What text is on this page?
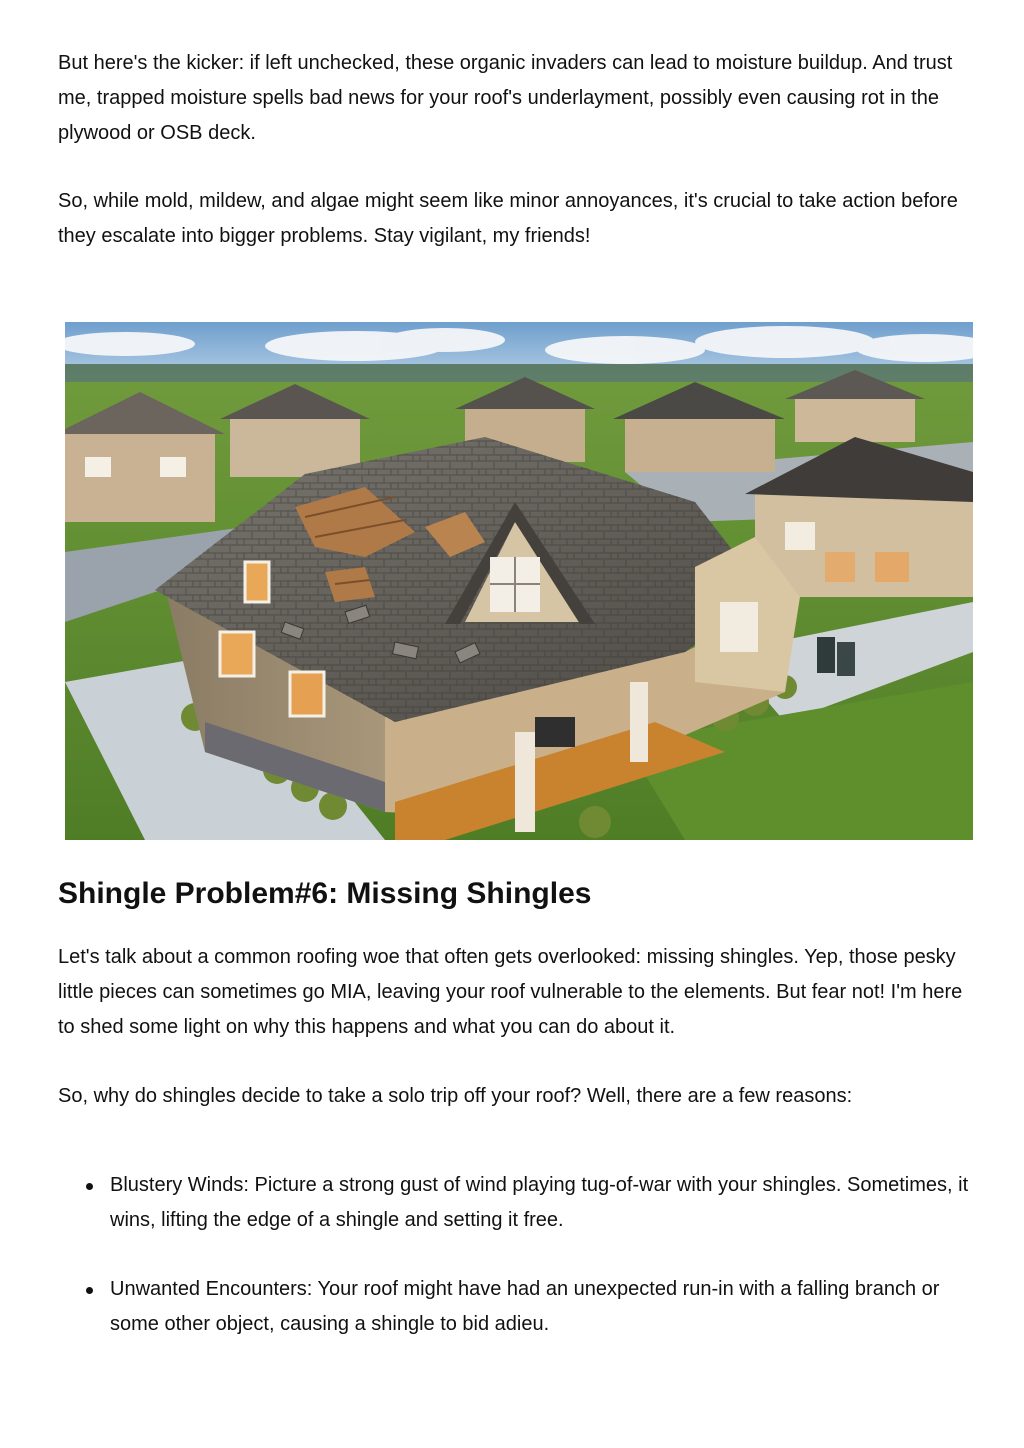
But here's the kicker: if left unchecked, these organic invaders can lead to moisture buildup. And trust me, trapped moisture spells bad news for your roof's underlayment, possibly even causing rot in the plywood or OSB deck.

So, while mold, mildew, and algae might seem like minor annoyances, it's crucial to take action before they escalate into bigger problems. Stay vigilant, my friends!

Shingle Problem#6: Missing Shingles

Let's talk about a common roofing woe that often gets overlooked: missing shingles. Yep, those pesky little pieces can sometimes go MIA, leaving your roof vulnerable to the elements. But fear not! I'm here to shed some light on why this happens and what you can do about it.

So, why do shingles decide to take a solo trip off your roof? Well, there are a few reasons:

Blustery Winds: Picture a strong gust of wind playing tug-of-war with your shingles. Sometimes, it wins, lifting the edge of a shingle and setting it free.
Unwanted Encounters: Your roof might have had an unexpected run-in with a falling branch or some other object, causing a shingle to bid adieu.
